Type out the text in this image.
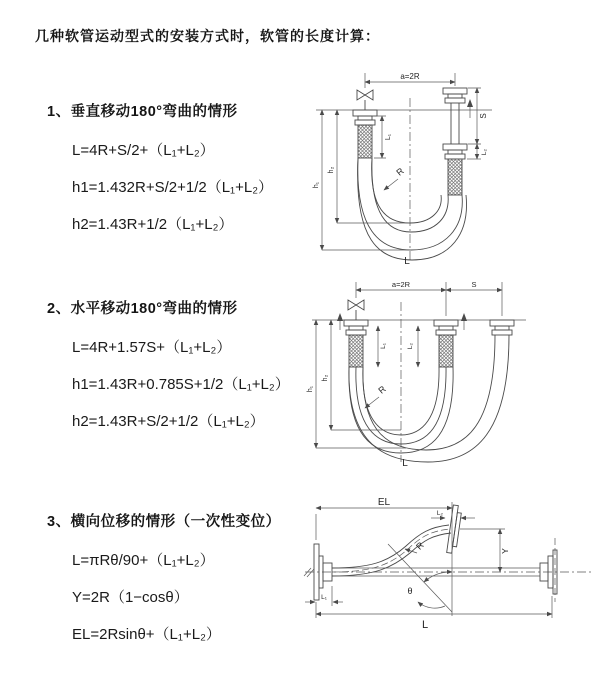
几种软管运动型式的安装方式时，软管的长度计算：
1、垂直移动180°弯曲的情形
L=4R+S/2+（L₁+L₂）
h1=1.432R+S/2+1/2（L₁+L₂）
h2=1.43R+1/2（L₁+L₂）
2、水平移动180°弯曲的情形
L=4R+1.57S+（L₁+L₂）
h1=1.43R+0.785S+1/2（L₁+L₂）
h2=1.43R+S/2+1/2（L₁+L₂）
3、横向位移的情形（一次性变位）
L=πRθ/90+（L₁+L₂）
Y=2R（1−cosθ）
EL=2Rsinθ+（L₁+L₂）
a=2R
L₁
S
L₂
h₁
h₂	R
L
a=2R	S
L₁	L₂
h₁
h₂
R
L
EL
L₂
Y
θ
R
L
L₁
